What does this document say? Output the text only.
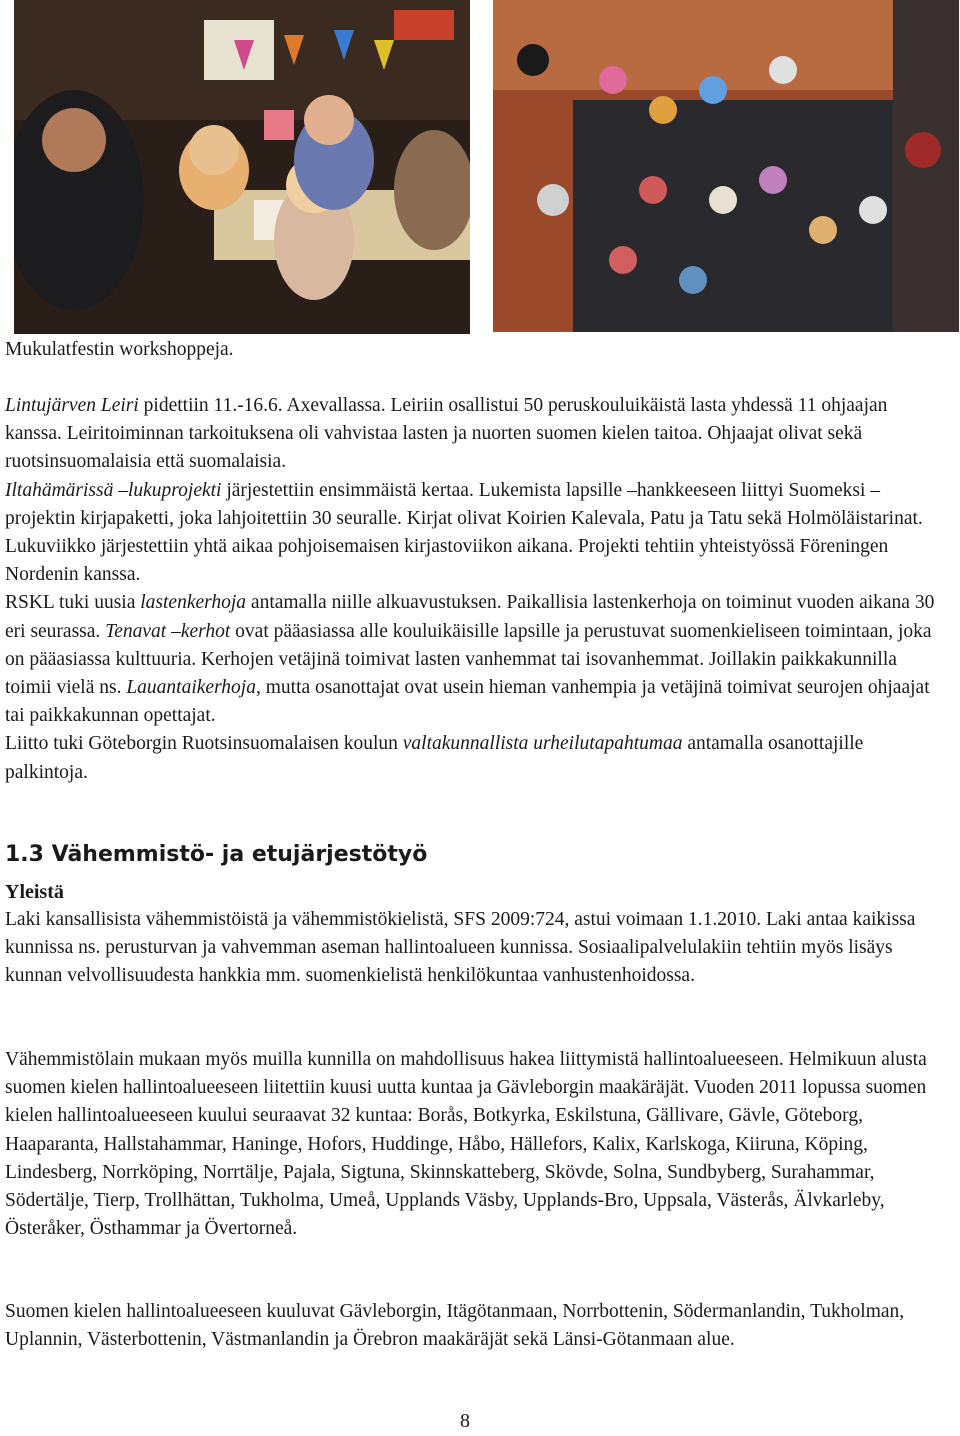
Mukulatfestin workshoppeja.

Lintujärven Leiri pidettiin 11.-16.6. Axevallassa. Leiriin osallistui 50 peruskouluikäistä lasta yhdessä 11 ohjaajan kanssa. Leiritoiminnan tarkoituksena oli vahvistaa lasten ja nuorten suomen kielen taitoa. Ohjaajat olivat sekä ruotsinsuomalaisia että suomalaisia.

Iltahämärissä –lukuprojekti järjestettiin ensimmäistä kertaa. Lukemista lapsille –hankkeeseen liittyi Suomeksi –projektin kirjapaketti, joka lahjoitettiin 30 seuralle. Kirjat olivat Koirien Kalevala, Patu ja Tatu sekä Holmöläistarinat. Lukuviikko järjestettiin yhtä aikaa pohjoisemaisen kirjastoviikon aikana. Projekti tehtiin yhteistyössä Föreningen Nordenin kanssa.

RSKL tuki uusia lastenkerhoja antamalla niille alkuavustuksen. Paikallisia lastenkerhoja on toiminut vuoden aikana 30 eri seurassa. Tenavat –kerhot ovat pääasiassa alle kouluikäisille lapsille ja perustuvat suomenkieliseen toimintaan, joka on pääasiassa kulttuuria. Kerhojen vetäjinä toimivat lasten vanhemmat tai isovanhemmat. Joillakin paikkakunnilla toimii vielä ns. Lauantaikerhoja, mutta osanottajat ovat usein hieman vanhempia ja vetäjinä toimivat seurojen ohjaajat tai paikkakunnan opettajat.

Liitto tuki Göteborgin Ruotsinsuomalaisen koulun valtakunnallista urheilutapahtumaa antamalla osanottajille palkintoja.

1.3 Vähemmistö- ja etujärjestötyö
Yleistä

Laki kansallisista vähemmistöistä ja vähemmistökielistä, SFS 2009:724, astui voimaan 1.1.2010. Laki antaa kaikissa kunnissa ns. perusturvan ja vahvemman aseman hallintoalueen kunnissa. Sosiaalipalvelulakiin tehtiin myös lisäys kunnan velvollisuudesta hankkia mm. suomenkielistä henkilökuntaa vanhustenhoidossa.

Vähemmistölain mukaan myös muilla kunnilla on mahdollisuus hakea liittymistä hallintoalueeseen. Helmikuun alusta suomen kielen hallintoalueeseen liitettiin kuusi uutta kuntaa ja Gävleborgin maakäräjät. Vuoden 2011 lopussa suomen kielen hallintoalueeseen kuului seuraavat 32 kuntaa: Borås, Botkyrka, Eskilstuna, Gällivare, Gävle, Göteborg, Haaparanta, Hallstahammar, Haninge, Hofors, Huddinge, Håbo, Hällefors, Kalix, Karlskoga, Kiiruna, Köping, Lindesberg, Norrköping, Norrtälje, Pajala, Sigtuna, Skinnskatteberg, Skövde, Solna, Sundbyberg, Surahammar, Södertälje, Tierp, Trollhättan, Tukholma, Umeå, Upplands Väsby, Upplands-Bro, Uppsala, Västerås, Älvkarleby, Österåker, Östhammar ja Övertorneå.

Suomen kielen hallintoalueeseen kuuluvat Gävleborgin, Itägötanmaan, Norrbottenin, Södermanlandin, Tukholman, Uplannin, Västerbottenin, Västmanlandin ja Örebron maakäräjät sekä Länsi-Götanmaan alue.

8
